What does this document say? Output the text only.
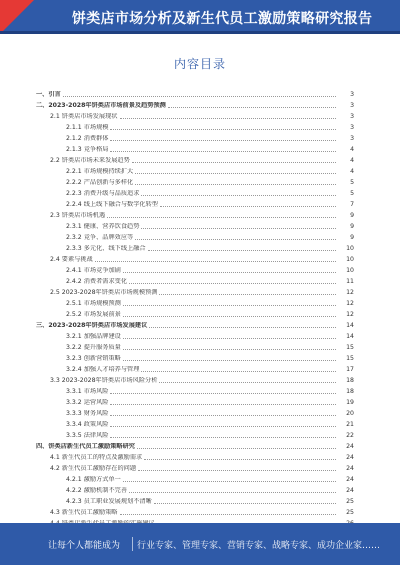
饼类店市场分析及新生代员工激励策略研究报告
内容目录
一、引言	3
二、2023-2028年饼类店市场前景及趋势预测	3
2.1 饼类店市场发展现状	3
2.1.1 市场规模	3
2.1.2 消费群体	3
2.1.3 竞争格局	4
2.2 饼类店市场未来发展趋势	4
2.2.1 市场规模持续扩大	4
2.2.2 产品创新与多样化	5
2.2.3 消费升级与品质追求	5
2.2.4 线上线下融合与数字化转型	7
2.3 饼类店市场机遇	9
2.3.1 健康、营养饮食趋势	9
2.3.2 竞争、品牌效应等	9
2.3.3 多元化、线下线上融合	10
2.4 要素与挑战	10
2.4.1 市场竞争加剧	10
2.4.2 消费者需求变化	11
2.5 2023-2028年饼类店市场规模预测	12
2.5.1 市场规模预测	12
2.5.2 市场发展前景	12
三、2023-2028年饼类店市场发展建议	14
3.2.1 加强品牌建设	14
3.2.2 提升服务质量	15
3.2.3 创新营销策略	15
3.2.4 加强人才培养与管理	17
3.3 2023-2028年饼类店市场风险分析	18
3.3.1 市场风险	18
3.3.2 运营风险	19
3.3.3 财务风险	20
3.3.4 政策风险	21
3.3.5 法律风险	22
四、饼类店新生代员工激励策略研究	24
4.1 新生代员工的特点及激励需求	24
4.2 新生代员工激励存在的问题	24
4.2.1 激励方式单一	24
4.2.2 激励机制不完善	24
4.2.3 员工职业发展规划不清晰	25
4.3 新生代员工激励策略	25
让每个人都能成为	行业专家、管理专家、营销专家、战略专家、成功企业家……
